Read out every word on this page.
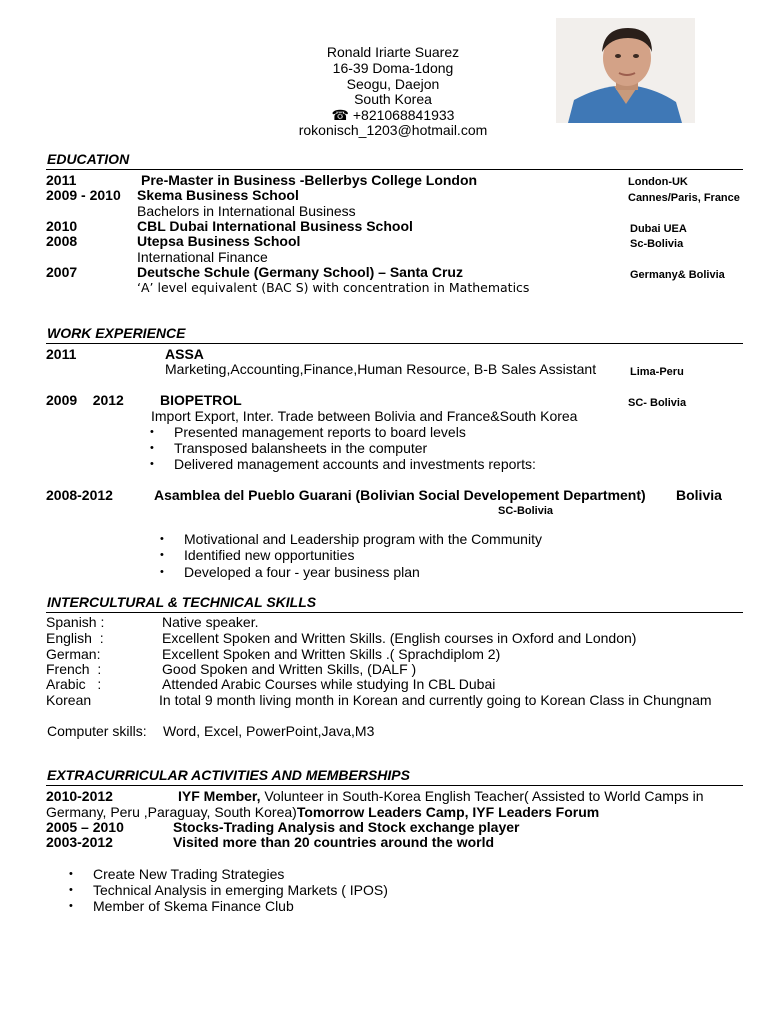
Ronald Iriarte Suarez
16-39 Doma-1dong
Seogu, Daejon
South Korea
☎ +821068841933
rokonisch_1203@hotmail.com
EDUCATION
2011	Pre-Master in Business -Bellerbys College London	London-UK
2009 - 2010 Skema Business School	Cannes/Paris, France
Bachelors in International Business
2010	CBL Dubai International Business School	Dubai UEA
2008	Utepsa Business School	Sc-Bolivia
International Finance
2007	Deutsche Schule (Germany School) – Santa Cruz	Germany& Bolivia
‘A’ level equivalent (BAC S) with concentration in Mathematics
WORK EXPERIENCE
2011	ASSA
Marketing,Accounting,Finance,Human Resource, B-B Sales Assistant	Lima-Peru
2009    2012	BIOPETROL	SC- Bolivia
Import Export, Inter. Trade between Bolivia and France&South Korea
• Presented management reports to board levels
• Transposed balansheets in the computer
• Delivered management accounts and investments reports:
2008-2012	Asamblea del Pueblo Guarani (Bolivian Social Developement Department) Bolivia
SC-Bolivia
• Motivational and Leadership program with the Community
• Identified new opportunities
• Developed a four - year business plan
INTERCULTURAL & TECHNICAL SKILLS
Spanish :	Native speaker.
English  :	Excellent Spoken and Written Skills. (English courses in Oxford and London)
German:	Excellent Spoken and Written Skills .( Sprachdiplom 2)
French  :	Good Spoken and Written Skills, (DALF )
Arabic   :	Attended Arabic Courses while studying In CBL Dubai
Korean	In total 9 month living month in Korean and currently going to Korean Class in Chungnam
Computer skills: Word, Excel, PowerPoint,Java,M3
EXTRACURRICULAR ACTIVITIES AND MEMBERSHIPS
2010-2012	IYF Member, Volunteer in South-Korea English Teacher( Assisted to World Camps in
Germany, Peru ,Paraguay, South Korea)Tomorrow Leaders Camp, IYF Leaders Forum
2005 – 2010	Stocks-Trading Analysis and Stock exchange player
2003-2012	Visited more than 20 countries around the world
• Create New Trading Strategies
• Technical Analysis in emerging Markets ( IPOS)
• Member of Skema Finance Club
